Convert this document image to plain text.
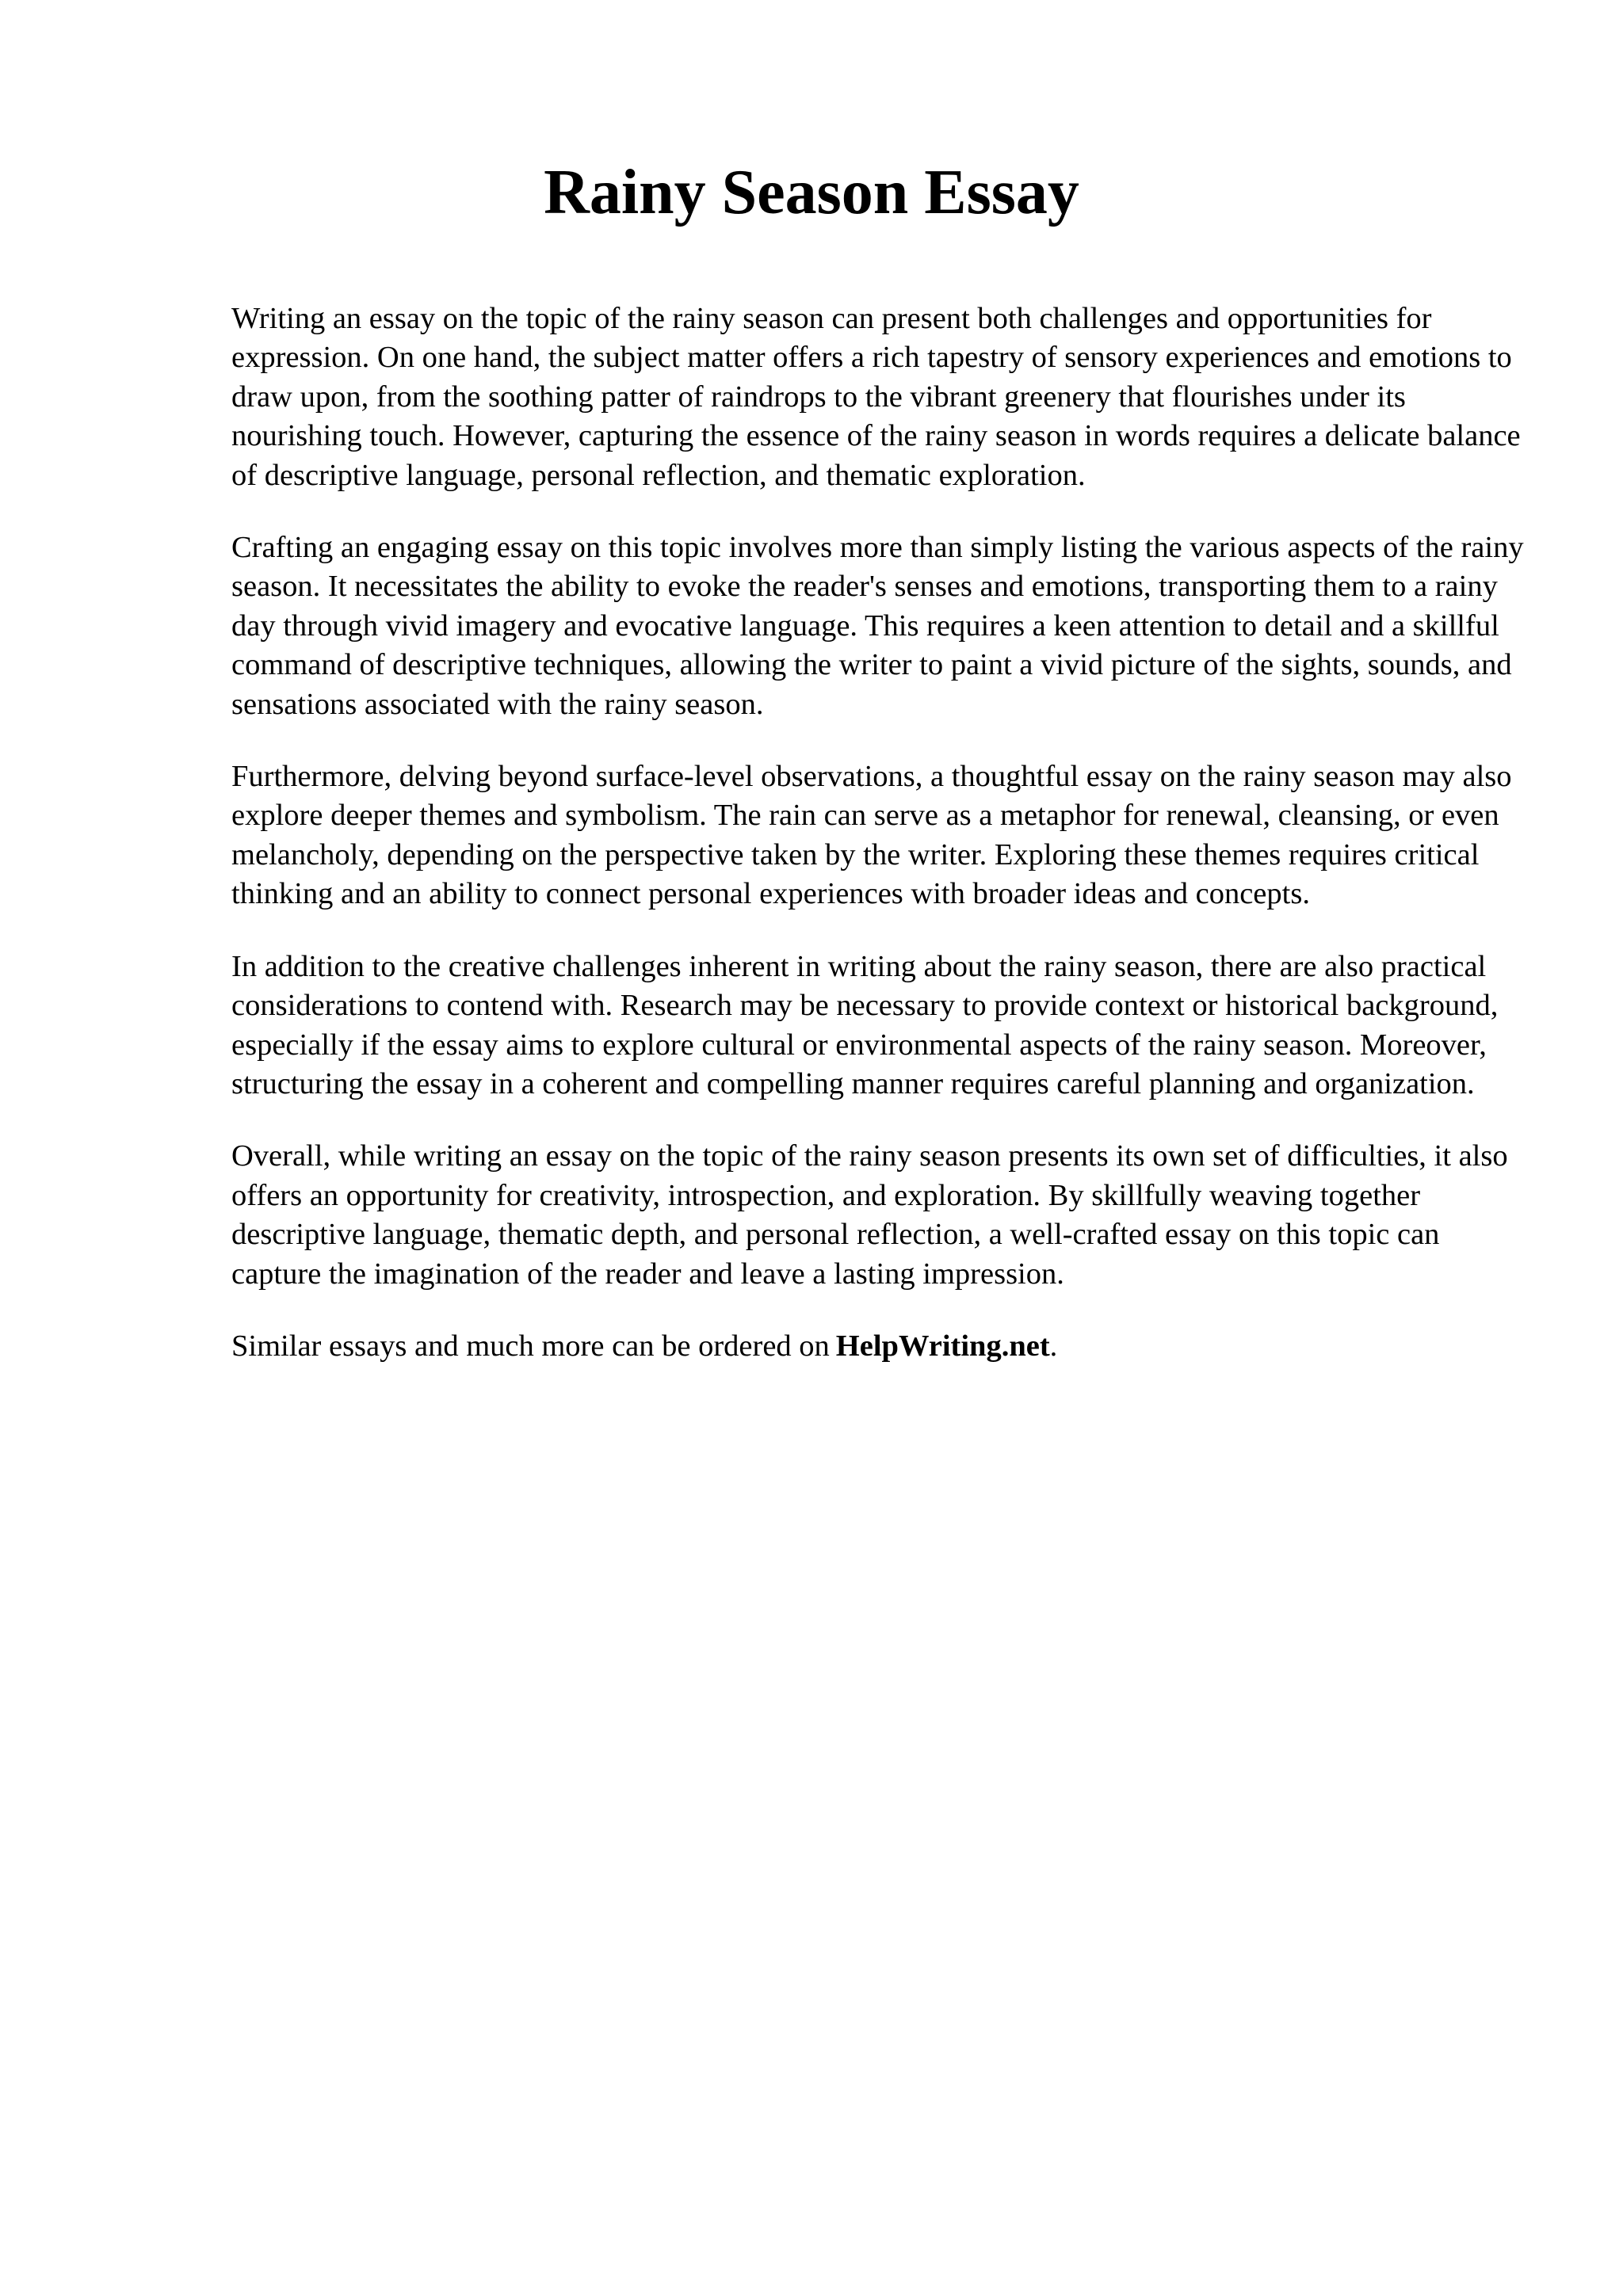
Rainy Season Essay

Writing an essay on the topic of the rainy season can present both challenges and opportunities for expression. On one hand, the subject matter offers a rich tapestry of sensory experiences and emotions to draw upon, from the soothing patter of raindrops to the vibrant greenery that flourishes under its nourishing touch. However, capturing the essence of the rainy season in words requires a delicate balance of descriptive language, personal reflection, and thematic exploration.

Crafting an engaging essay on this topic involves more than simply listing the various aspects of the rainy season. It necessitates the ability to evoke the reader's senses and emotions, transporting them to a rainy day through vivid imagery and evocative language. This requires a keen attention to detail and a skillful command of descriptive techniques, allowing the writer to paint a vivid picture of the sights, sounds, and sensations associated with the rainy season.

Furthermore, delving beyond surface-level observations, a thoughtful essay on the rainy season may also explore deeper themes and symbolism. The rain can serve as a metaphor for renewal, cleansing, or even melancholy, depending on the perspective taken by the writer. Exploring these themes requires critical thinking and an ability to connect personal experiences with broader ideas and concepts.

In addition to the creative challenges inherent in writing about the rainy season, there are also practical considerations to contend with. Research may be necessary to provide context or historical background, especially if the essay aims to explore cultural or environmental aspects of the rainy season. Moreover, structuring the essay in a coherent and compelling manner requires careful planning and organization.

Overall, while writing an essay on the topic of the rainy season presents its own set of difficulties, it also offers an opportunity for creativity, introspection, and exploration. By skillfully weaving together descriptive language, thematic depth, and personal reflection, a well-crafted essay on this topic can capture the imagination of the reader and leave a lasting impression.

Similar essays and much more can be ordered on HelpWriting.net.
